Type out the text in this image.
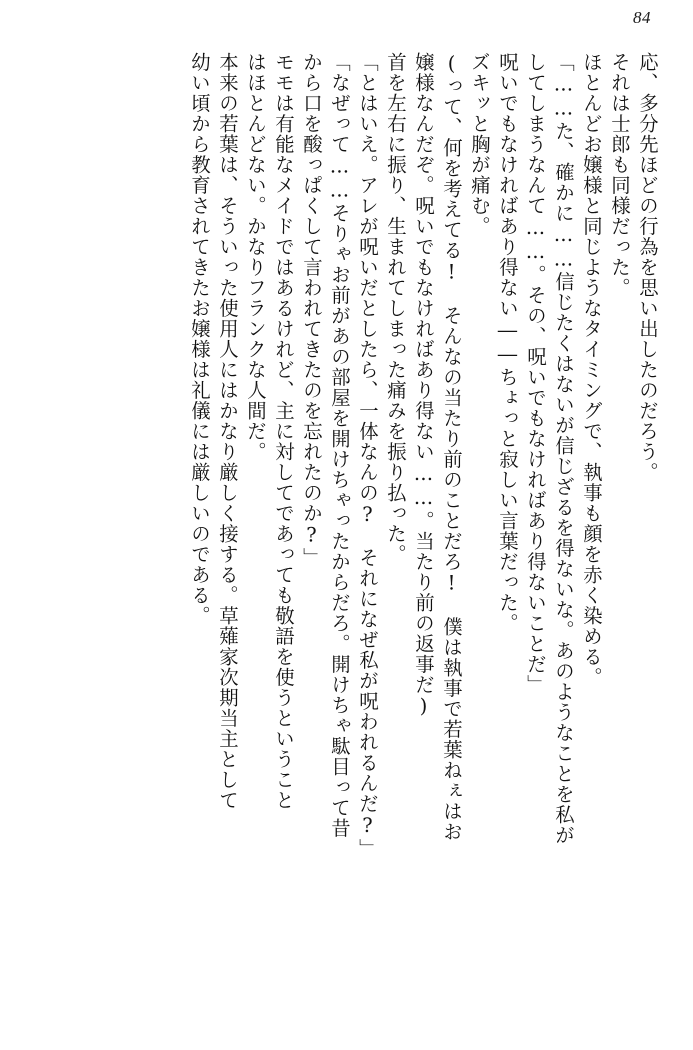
84
応、多分先ほどの行為を思い出したのだろう。
それは士郎も同様だった。
ほとんどお嬢様と同じようなタイミングで、執事も顔を赤く染める。
「……た、確かに……信じたくはないが信じざるを得ないな。あのようなことを私が
してしまうなんて……。その、呪いでもなければあり得ないことだ」
呪いでもなければあり得ない――ちょっと寂しい言葉だった。
ズキッと胸が痛む。
(って、何を考えてる!　そんなの当たり前のことだろ!　僕は執事で若葉ねぇはお
嬢様なんだぞ。呪いでもなければあり得ない……。当たり前の返事だ)
首を左右に振り、生まれてしまった痛みを振り払った。
「とはいえ。アレが呪いだとしたら、一体なんの?　それになぜ私が呪われるんだ?」
「なぜって……そりゃお前があの部屋を開けちゃったからだろ。開けちゃ駄目って昔
から口を酸っぱくして言われてきたのを忘れたのか?」
モモは有能なメイドではあるけれど、主に対してであっても敬語を使うということ
はほとんどない。かなりフランクな人間だ。
本来の若葉は、そういった使用人にはかなり厳しく接する。草薙家次期当主として
幼い頃から教育されてきたお嬢様は礼儀には厳しいのである。
